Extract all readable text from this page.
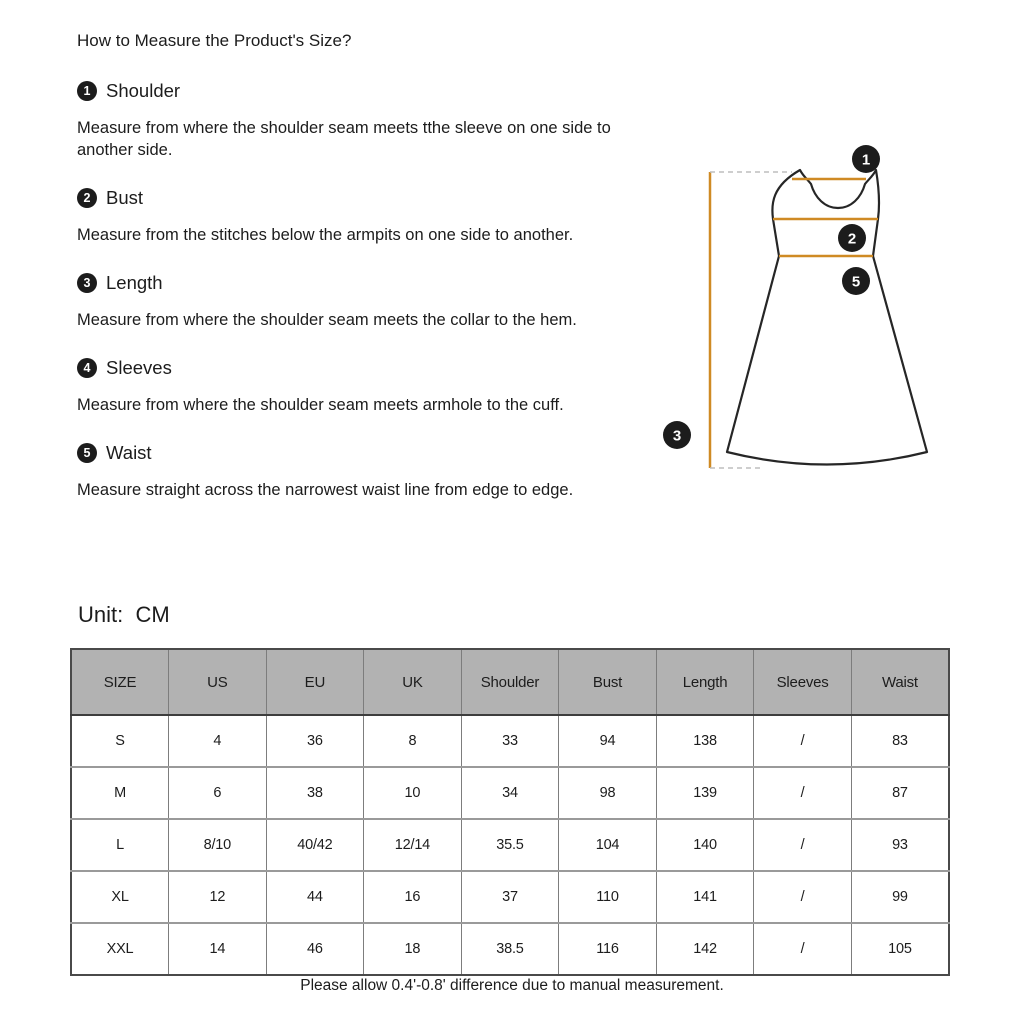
How to Measure the Product's Size?
1 Shoulder

Measure from where the shoulder seam meets tthe sleeve on one side to another side.

2 Bust

Measure from the stitches below the armpits on one side to another.

3 Length

Measure from where the shoulder seam meets the collar to the hem.

4 Sleeves

Measure from where the shoulder seam meets armhole to the cuff.

5 Waist

Measure straight across the narrowest waist line from edge to edge.

Unit:  CM
1
2
5
3
SIZE	US	EU	UK	Shoulder	Bust	Length	Sleeves	Waist
S	4	36	8	33	94	138	/	83
M	6	38	10	34	98	139	/	87
L	8/10	40/42	12/14	35.5	104	140	/	93
XL	12	44	16	37	110	141	/	99
XXL	14	46	18	38.5	116	142	/	105
Please allow 0.4'-0.8' difference due to manual measurement.
